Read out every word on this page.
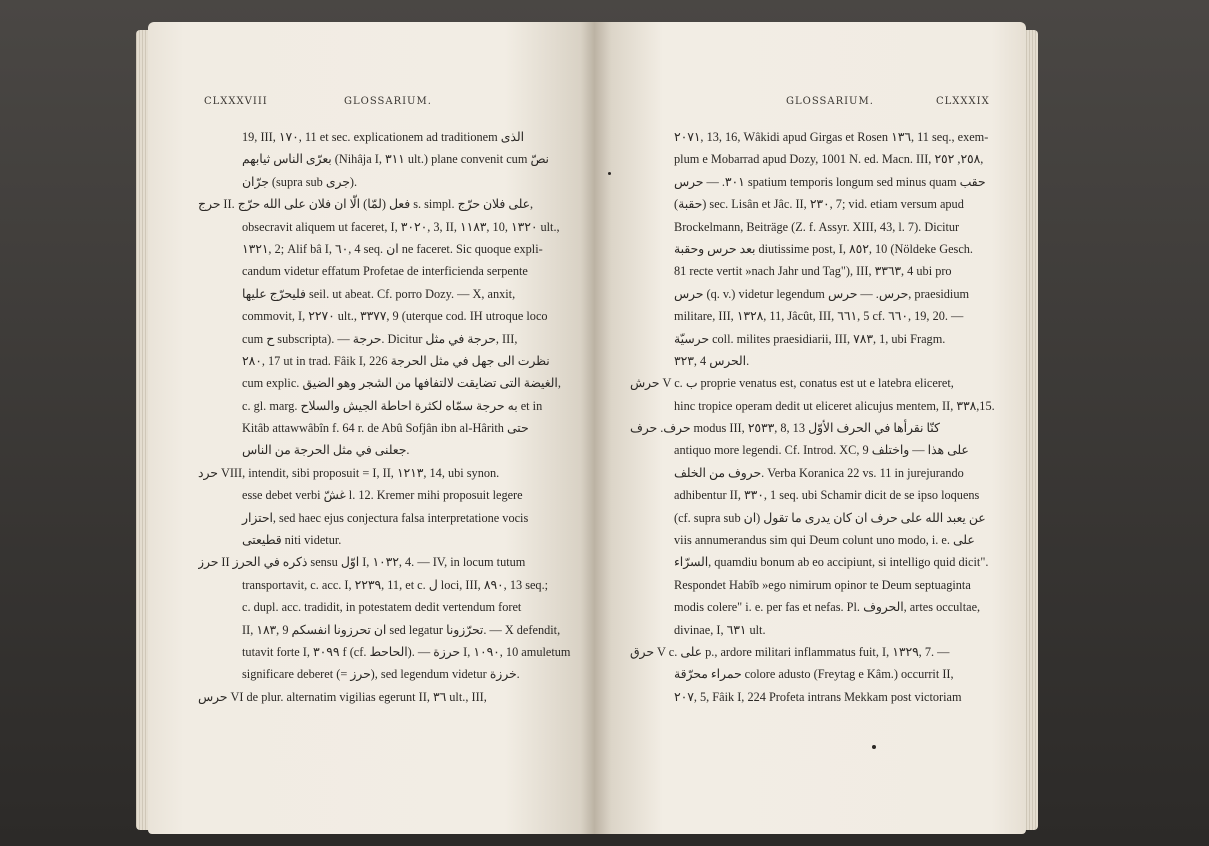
CLXXXVIII	GLOSSARIUM.
19, III, ١٧٠, 11 et sec. explicationem ad traditionem الذى
بعرّى الناس ثيابهم (Nihâja I, ٣١١ ult.) plane convenit cum نصّ
جرّان (supra sub جرى).
حرج II. فعل (لمّا) الّا ان فلان على الله حرّج s. simpl. على فلان حرّج,
obsecravit aliquem ut faceret, I, ٣٠٢٠, 3, II, ١١٨٣, 10, ١٣٢٠ ult.,
١٣٢١, 2; Alif bâ I, ٦٠, 4 seq. ان ne faceret. Sic quoque expli-
candum videtur effatum Profetae de interficienda serpente
فليحرّج عليها seil. ut abeat. Cf. porro Dozy. — X, anxit,
commovit, I, ٢٢٧٠ ult., ٣٣٧٧, 9 (uterque cod. IH utroque loco
cum ح subscripta). — حرجة. Dicitur حرجة في مثل, III,
٢٨٠, 17 ut in trad. Fâik I, 226 نظرت الى جهل في مثل الحرجة
cum explic. الغيضة التى تضايقت لالتفافها من الشجر وهو الضيق,
c. gl. marg. به حرجة سمّاه لكثرة احاطة الجيش والسلاح et in
Kitâb attawwâbîn f. 64 r. de Abû Sofjân ibn al-Hârith حتى
جعلنى في مثل الحرجة من الناس.
حرد VIII, intendit, sibi proposuit = I, II, ١٢١٣, 14, ubi synon.
esse debet verbi غشّ l. 12. Kremer mihi proposuit legere
احتزار, sed haec ejus conjectura falsa interpretatione vocis
قطيعتى niti videtur.
حرز II ذكره في الحرز sensu اوّل I, ١٠٣٢, 4. — IV, in locum tutum
transportavit, c. acc. I, ٢٢٣٩, 11, et c. ل loci, III, ٨٩٠, 13 seq.;
c. dupl. acc. tradidit, in potestatem dedit vertendum foret
II, ١٨٣, 9 ان تحرزونا انفسكم sed legatur تحرّزونا. — X defendit,
tutavit forte I, ٣٠٩٩ f (cf. الحاحط). — حرزة I, ١٠٩٠, 10 amuletum
significare deberet (= حرز), sed legendum videtur خرزة.
حرس VI de plur. alternatim vigilias egerunt II, ٣٦ ult., III,
GLOSSARIUM.	CLXXXIX
٢٠٧١, 13, 16, Wâkidi apud Girgas et Rosen ١٣٦, 11 seq., exem-
plum e Mobarrad apud Dozy, 1001 N. ed. Macn. III, ٢٥٨, ٢٥٢,
٣٠١. — حرس spatium temporis longum sed minus quam حقب
(حقبة) sec. Lisân et Jâc. II, ٢٣٠, 7; vid. etiam versum apud
Brockelmann, Beiträge (Z. f. Assyr. XIII, 43, l. 7). Dicitur
بعد حرس وحقبة diutissime post, I, ٨٥٢, 10 (Nöldeke Gesch.
81 recte vertit »nach Jahr und Tag"), III, ٣٣٦٣, 4 ubi pro
حرس (q. v.) videtur legendum حرس. — حرس, praesidium
militare, III, ١٣٢٨, 11, Jâcût, III, ٦٦١, 5 cf. ٦٦٠, 19, 20. —
حرسيّة coll. milites praesidiarii, III, ٧٨٣, 1, ubi Fragm.
٣٢٣, 4 الحرس.
حرش V c. ب proprie venatus est, conatus est ut e latebra eliceret,
hinc tropice operam dedit ut eliceret alicujus mentem, II, ٣٣٨,15.
حرف. حرف modus III, ٢٥٣٣, 8, 13 كنّا نقرأها في الحرف الأوّل
antiquo more legendi. Cf. Introd. XC, 9 على هذا — واختلف
حروف من الخلف. Verba Koranica 22 vs. 11 in jurejurando
adhibentur II, ٣٣٠, 1 seq. ubi Schamir dicit de se ipso loquens
(cf. supra sub ان) عن يعبد الله على حرف ان كان يدرى ما تقول
viis annumerandus sim qui Deum colunt uno modo, i. e. على
السرّاء, quamdiu bonum ab eo accipiunt, si intelligo quid dicit".
Respondet Habîb »ego nimirum opinor te Deum septuaginta
modis colere" i. e. per fas et nefas. Pl. الحروف, artes occultae,
divinae, I, ٦٣١ ult.
حرق V c. على p., ardore militari inflammatus fuit, I, ١٣٢٩, 7. —
حمراء محرّقة colore adusto (Freytag e Kâm.) occurrit II,
٢٠٧, 5, Fâik I, 224 Profeta intrans Mekkam post victoriam
